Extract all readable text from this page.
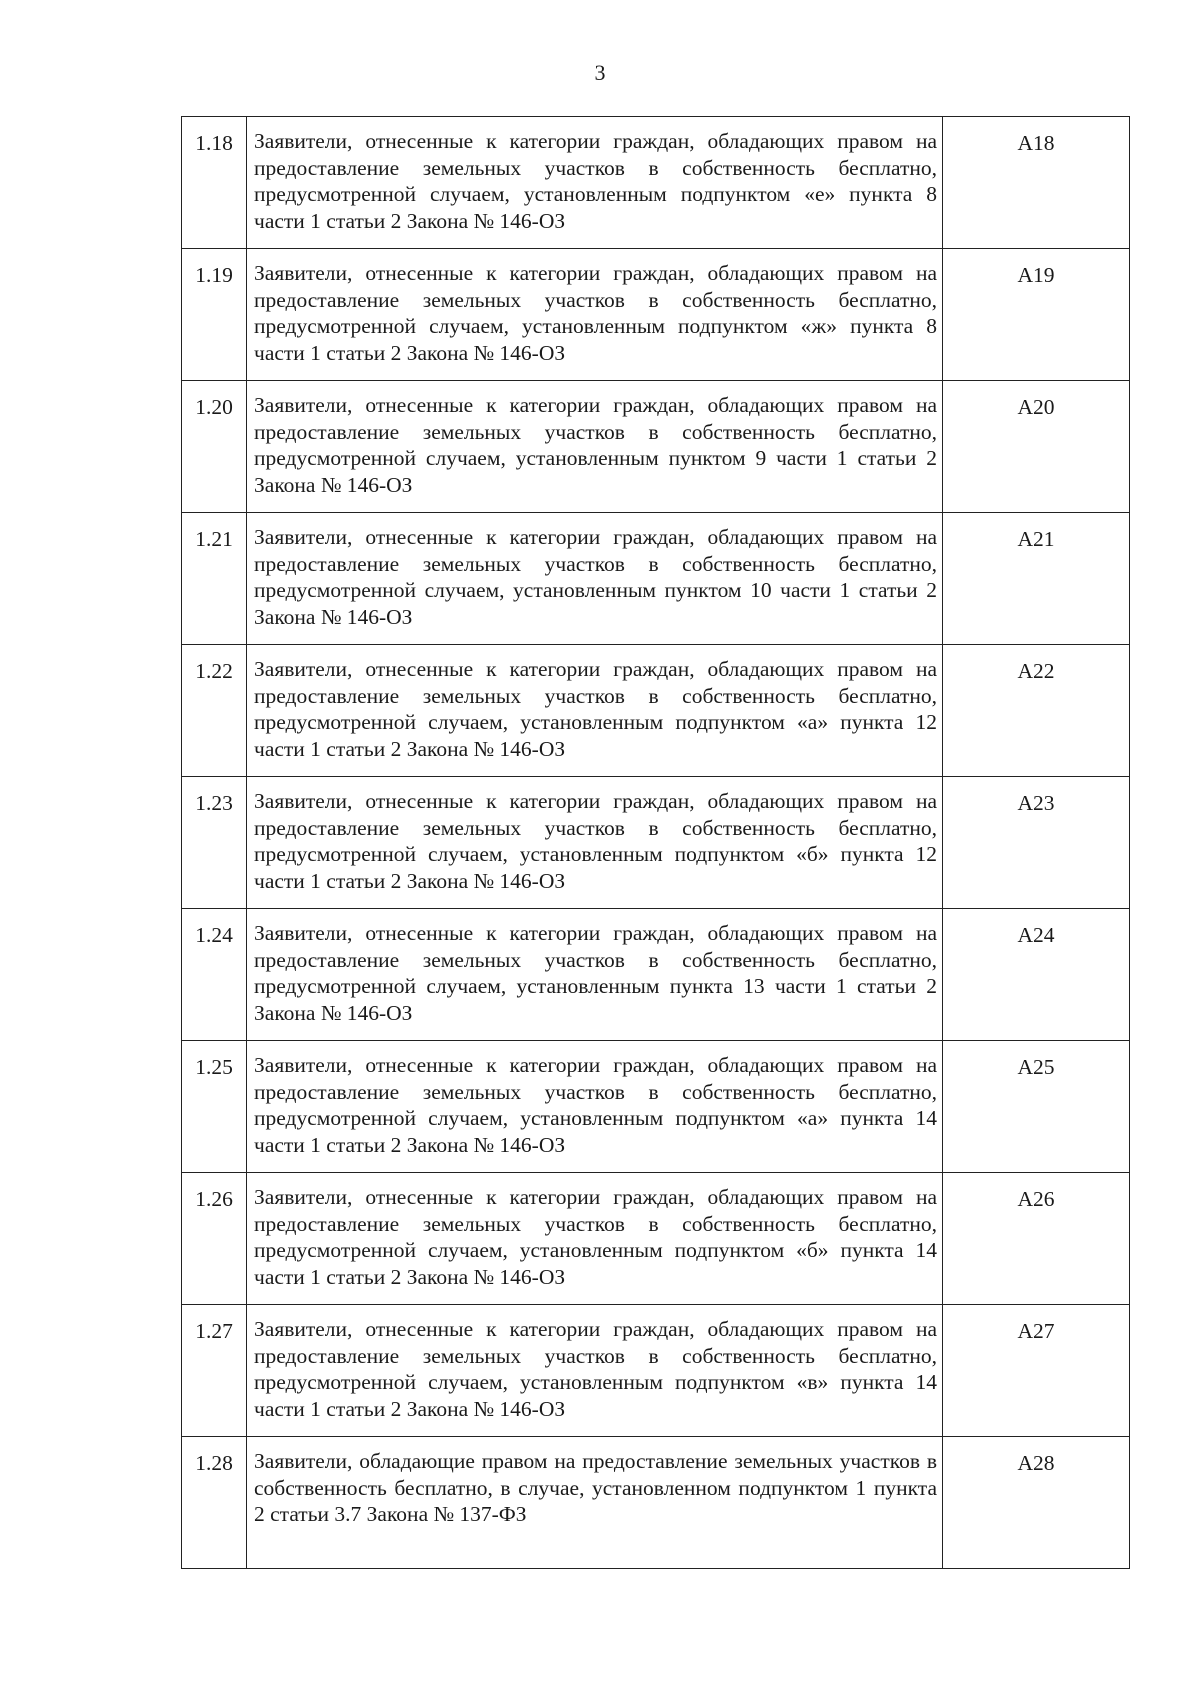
3
1.18	Заявители, отнесенные к категории граждан, обладающих правом на предоставление земельных участков в собственность бесплатно, предусмотренной случаем, установленным подпунктом «е» пункта 8 части 1 статьи 2 Закона № 146-ОЗ	А18
1.19	Заявители, отнесенные к категории граждан, обладающих правом на предоставление земельных участков в собственность бесплатно, предусмотренной случаем, установленным подпунктом «ж» пункта 8 части 1 статьи 2 Закона № 146-ОЗ	А19
1.20	Заявители, отнесенные к категории граждан, обладающих правом на предоставление земельных участков в собственность бесплатно, предусмотренной случаем, установленным пунктом 9 части 1 статьи 2 Закона № 146-ОЗ	А20
1.21	Заявители, отнесенные к категории граждан, обладающих правом на предоставление земельных участков в собственность бесплатно, предусмотренной случаем, установленным пунктом 10 части 1 статьи 2 Закона № 146-ОЗ	А21
1.22	Заявители, отнесенные к категории граждан, обладающих правом на предоставление земельных участков в собственность бесплатно, предусмотренной случаем, установленным подпунктом «а» пункта 12 части 1 статьи 2 Закона № 146-ОЗ	А22
1.23	Заявители, отнесенные к категории граждан, обладающих правом на предоставление земельных участков в собственность бесплатно, предусмотренной случаем, установленным подпунктом «б» пункта 12 части 1 статьи 2 Закона № 146-ОЗ	А23
1.24	Заявители, отнесенные к категории граждан, обладающих правом на предоставление земельных участков в собственность бесплатно, предусмотренной случаем, установленным пункта 13 части 1 статьи 2 Закона № 146-ОЗ	А24
1.25	Заявители, отнесенные к категории граждан, обладающих правом на предоставление земельных участков в собственность бесплатно, предусмотренной случаем, установленным подпунктом «а» пункта 14 части 1 статьи 2 Закона № 146-ОЗ	А25
1.26	Заявители, отнесенные к категории граждан, обладающих правом на предоставление земельных участков в собственность бесплатно, предусмотренной случаем, установленным подпунктом «б» пункта 14 части 1 статьи 2 Закона № 146-ОЗ	А26
1.27	Заявители, отнесенные к категории граждан, обладающих правом на предоставление земельных участков в собственность бесплатно, предусмотренной случаем, установленным подпунктом «в» пункта 14 части 1 статьи 2 Закона № 146-ОЗ	А27
1.28	Заявители, обладающие правом на предоставление земельных участков в собственность бесплатно, в случае, установленном подпунктом 1 пункта 2 статьи 3.7 Закона № 137-ФЗ	А28
